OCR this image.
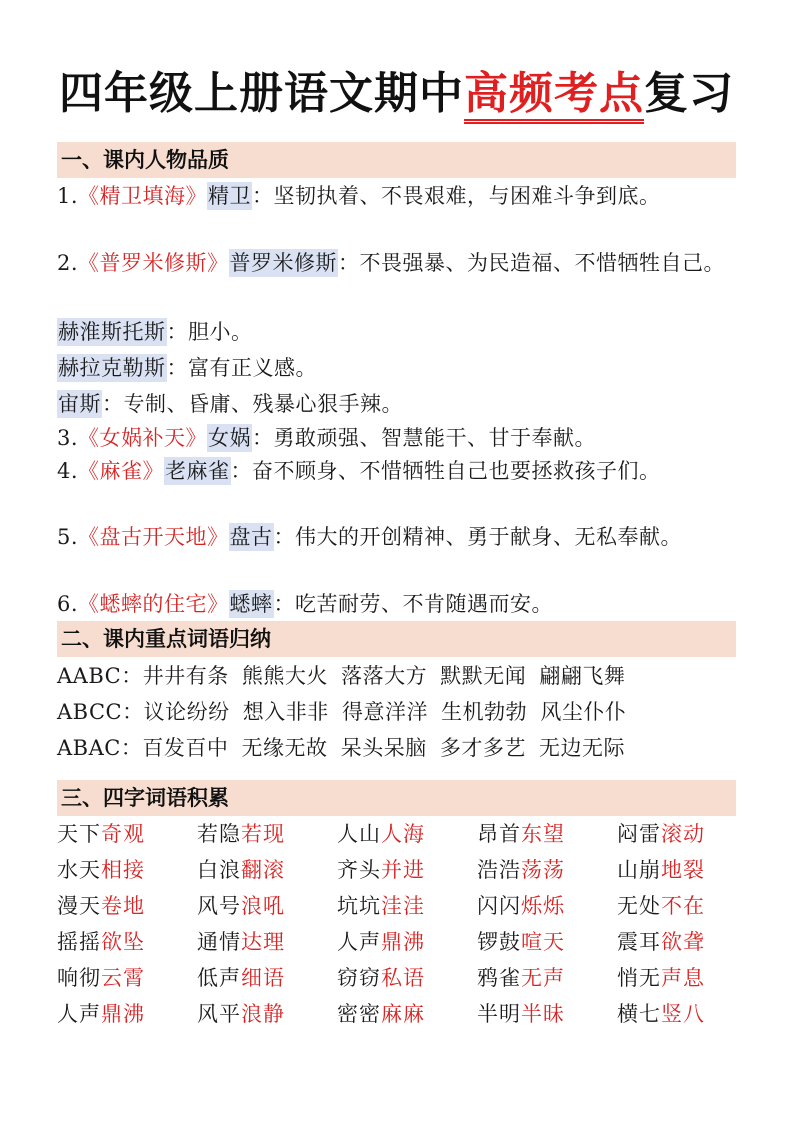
四年级上册语文期中高频考点复习
一、课内人物品质
1.《精卫填海》精卫：坚韧执着、不畏艰难，与困难斗争到底。
2.《普罗米修斯》普罗米修斯：不畏强暴、为民造福、不惜牺牲自己。
赫淮斯托斯：胆小。
赫拉克勒斯：富有正义感。
宙斯：专制、昏庸、残暴心狠手辣。
3.《女娲补天》女娲：勇敢顽强、智慧能干、甘于奉献。
4.《麻雀》老麻雀：奋不顾身、不惜牺牲自己也要拯救孩子们。
5.《盘古开天地》盘古：伟大的开创精神、勇于献身、无私奉献。
6.《蟋蟀的住宅》蟋蟀：吃苦耐劳、不肯随遇而安。
二、课内重点词语归纳
AABC：井井有条 熊熊大火 落落大方 默默无闻 翩翩飞舞
ABCC：议论纷纷 想入非非 得意洋洋 生机勃勃 风尘仆仆
ABAC：百发百中 无缘无故 呆头呆脑 多才多艺 无边无际
三、四字词语积累
天下奇观 若隐若现 人山人海 昂首东望 闷雷滚动
水天相接 白浪翻滚 齐头并进 浩浩荡荡 山崩地裂
漫天卷地 风号浪吼 坑坑洼洼 闪闪烁烁 无处不在
摇摇欲坠 通情达理 人声鼎沸 锣鼓喧天 震耳欲聋
响彻云霄 低声细语 窃窃私语 鸦雀无声 悄无声息
人声鼎沸 风平浪静 密密麻麻 半明半昧 横七竖八
